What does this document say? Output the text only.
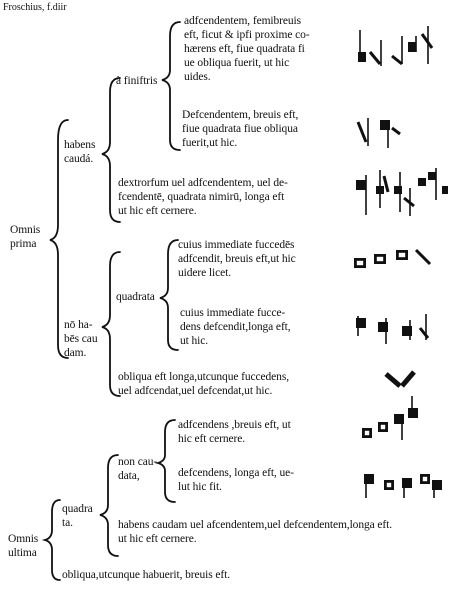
Froschius, f.diir
Omnis
prima
habens
caudá.
nō ha-
bēs cau
dam.
à finiftris
adfcendentem, femibreuis
eft, ficut & ipfi proxime co-
hærens eft, fiue quadrata fi
ue obliqua fuerit, ut hic
uides.
Defcendentem, breuis eft,
fiue quadrata fiue obliqua
fuerit,ut hic.
dextrorfum uel adfcendentem, uel de-
fcendentē, quadrata nimirū, longa eft
ut hic eft cernere.
quadrata
cuius immediate fuccedēs
adfcendit, breuis eft,ut hic
uidere licet.
cuius immediate fucce-
dens defcendit,longa eft,
ut hic.
obliqua eft longa,utcunque fuccedens,
uel adfcendat,uel defcendat,ut hic.
non cau-
data,
adfcendens ,breuis eft, ut
hic eft cernere.
defcendens, longa eft, ue-
lut hic fit.
quadra
ta.	habens caudam uel afcendentem,uel defcendentem,longa eft.
ut hic eft cernere.
Omnis
ultima
obliqua,utcunque habuerit, breuis eft.
